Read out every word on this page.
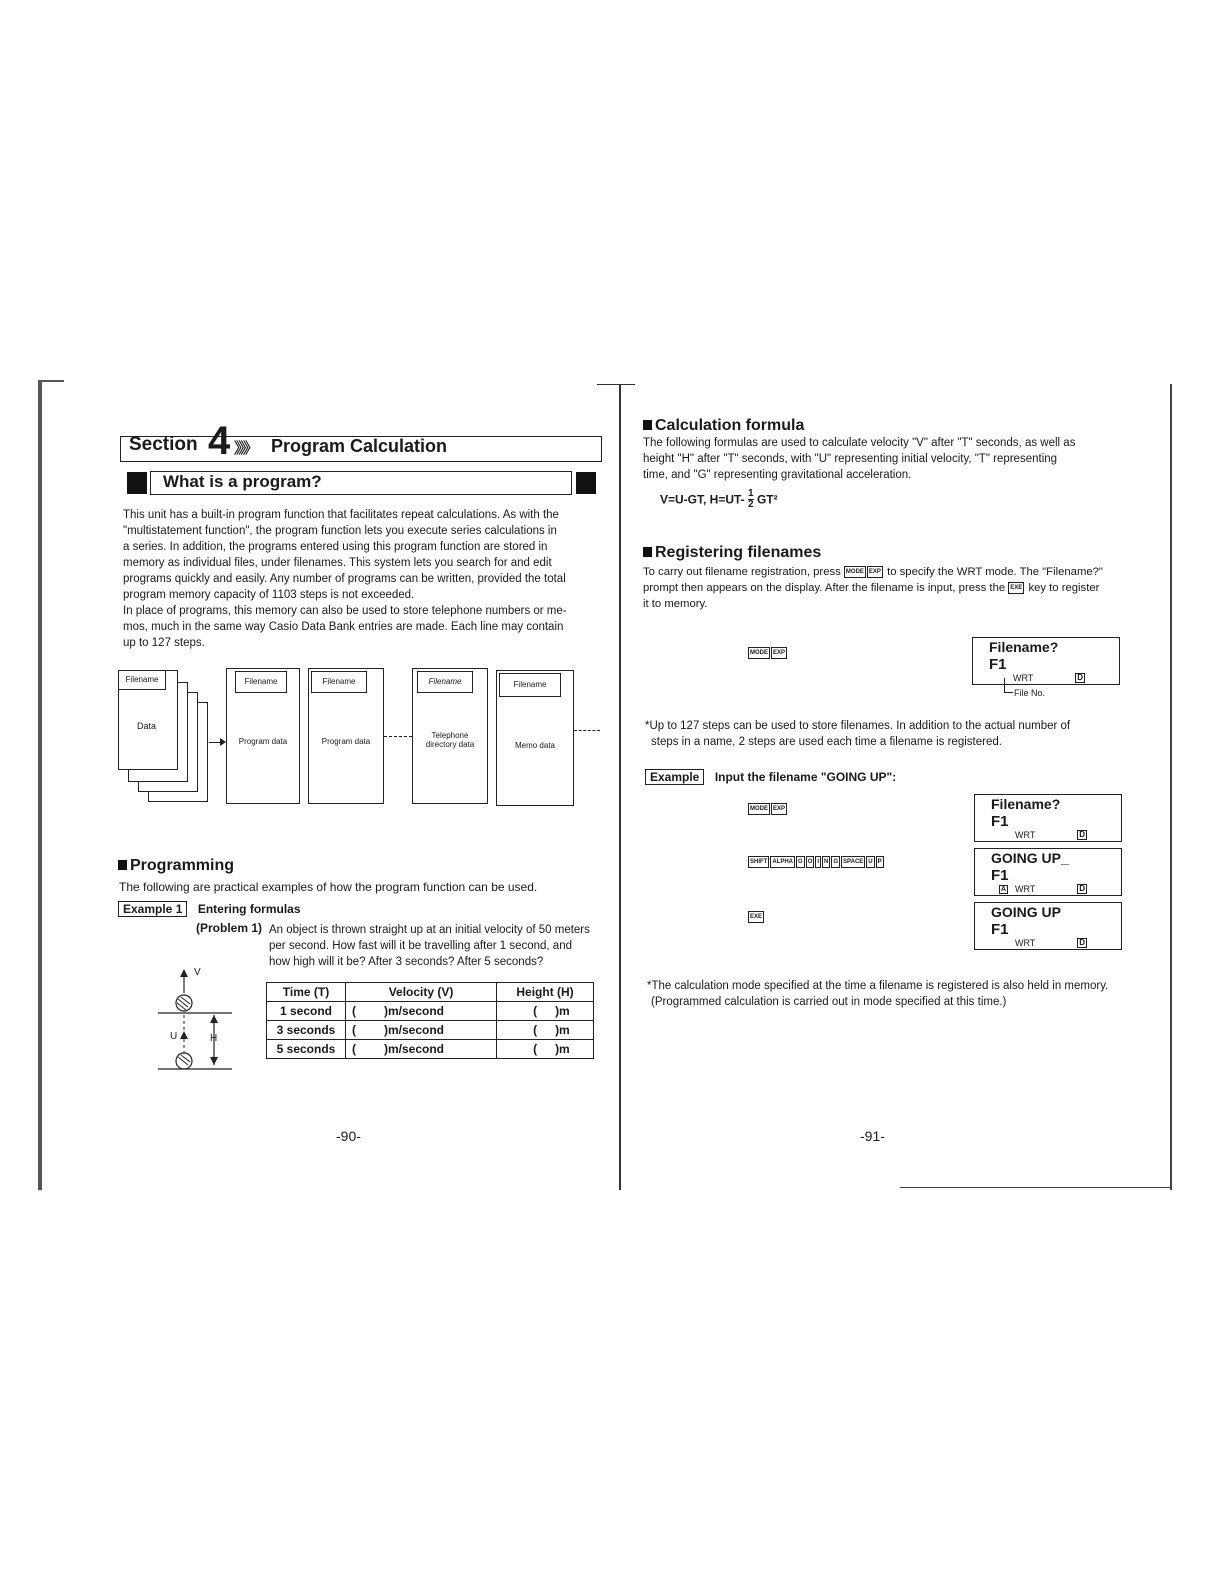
Section 4 》》》 Program Calculation
What is a program?
This unit has a built-in program function that facilitates repeat calculations. As with the
"multistatement function", the program function lets you execute series calculations in
a series. In addition, the programs entered using this program function are stored in
memory as individual files, under filenames. This system lets you search for and edit
programs quickly and easily. Any number of programs can be written, provided the total
program memory capacity of 1103 steps is not exceeded.
In place of programs, this memory can also be used to store telephone numbers or me-
mos, much in the same way Casio Data Bank entries are made. Each line may contain
up to 127 steps.
Filename
Data
Filename
Program data
Filename
Program data
Filename
Telephone directory data
Filename
Memo data
Programming
The following are practical examples of how the program function can be used.
Example 1 Entering formulas
(Problem 1) An object is thrown straight up at an initial velocity of 50 meters
per second. How fast will it be travelling after 1 second, and
how high will it be? After 3 seconds? After 5 seconds?
V
U	H
Time (T)	Velocity (V)		Height (H)	
1 second	(	)m/second	(	)m
3 seconds	(	)m/second	(	)m
5 seconds	(	)m/second	(	)m
-90-
Calculation formula
The following formulas are used to calculate velocity "V" after "T" seconds, as well as
height "H" after "T" seconds, with "U" representing initial velocity, "T" representing
time, and "G" representing gravitational acceleration.
V=U-GT, $H=UT- \frac{1}{2} GT^2$
Registering filenames
To carry out filename registration, press MODE EXP to specify the WRT mode. The "Filename?"
prompt then appears on the display. After the filename is input, press the EXE key to register
it to memory.
MODE EXP	Filename?
F1
WRT	D
File No.
*Up to 127 steps can be used to store filenames. In addition to the actual number of
steps in a name, 2 steps are used each time a filename is registered.
Example Input the filename "GOING UP":
MODE EXP	Filename?
F1
WRT	D
SHIFT ALPHA G O I N G SPACE U P	GOING UP_
F1
A WRT	D
EXE	GOING UP
F1
WRT	D
*The calculation mode specified at the time a filename is registered is also held in memory.
(Programmed calculation is carried out in mode specified at this time.)
-91-
